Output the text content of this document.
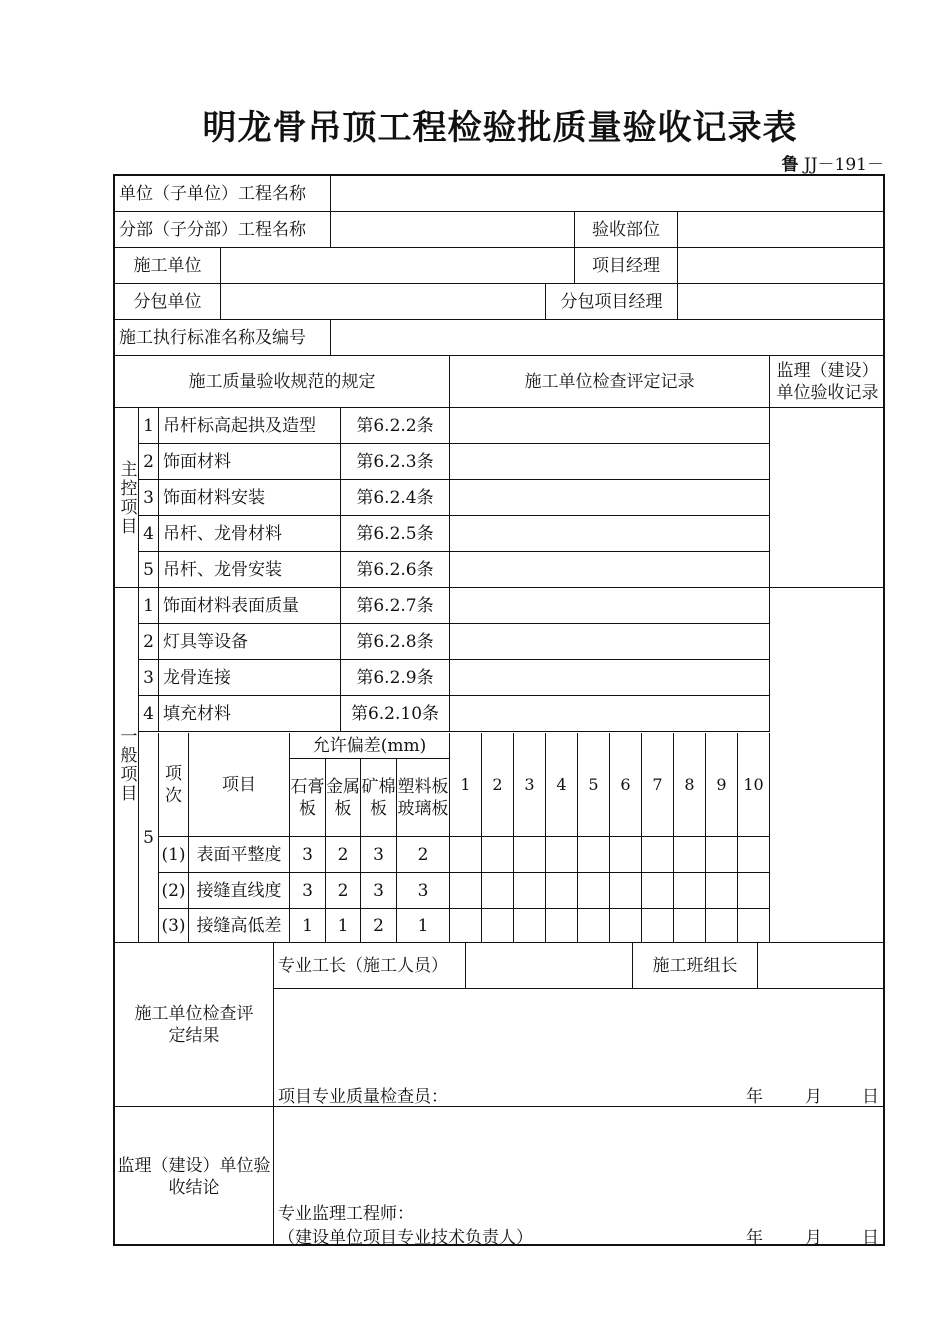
明龙骨吊顶工程检验批质量验收记录表
鲁 JJ－191－
单位（子单位）工程名称
分部（子分部）工程名称	验收部位
施工单位	项目经理
分包单位	分包项目经理
施工执行标准名称及编号
施工质量验收规范的规定	施工单位检查评定记录
监理（建设）单位验收记录
主控项目
一般项目
5
项次
项目
允许偏差(mm)
施工单位检查评定结果
专业工长（施工人员）	施工班组长
项目专业质量检查员：	年 月 日
监理（建设）单位验收结论
专业监理工程师：
（建设单位项目专业技术负责人）	年 月 日
1 吊杆标高起拱及造型	第6.2.2条
2 饰面材料	第6.2.3条
3 饰面材料安装	第6.2.4条
4 吊杆、龙骨材料	第6.2.5条
5 吊杆、龙骨安装	第6.2.6条
1 饰面材料表面质量	第6.2.7条
2 灯具等设备	第6.2.8条
3 龙骨连接	第6.2.9条
4 填充材料	第6.2.10条
石膏板
金属板
矿棉板
塑料板玻璃板
1	2	3	4	5	6	7	8	9	10
(1) 表面平整度	3	2	3	2
(2) 接缝直线度	3	2	3	3
(3) 接缝高低差	1	1	2	1
